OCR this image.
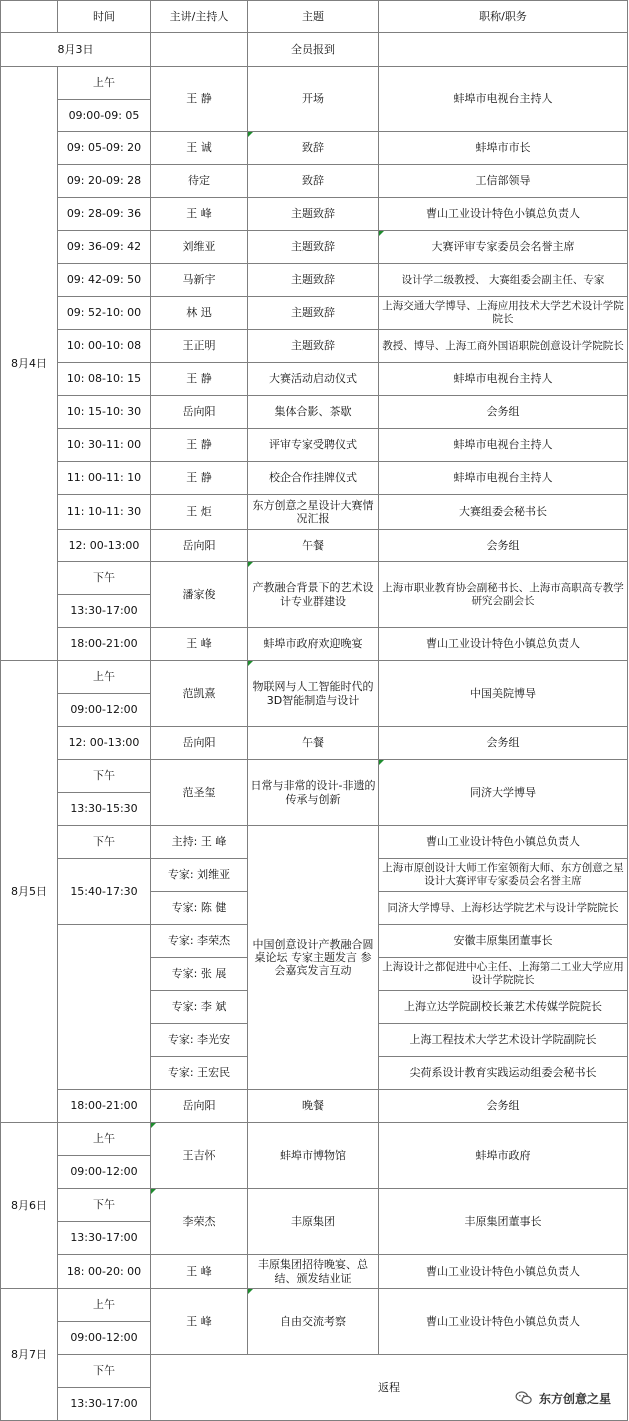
	时间	主讲/主持人	主题	职称/职务
8月3日			全员报到	
8月4日	上午	王 静	开场	蚌埠市电视台主持人
	09:00-09: 05			
	09: 05-09: 20	王 诚	致辞	蚌埠市市长
	09: 20-09: 28	待定	致辞	工信部领导
	09: 28-09: 36	王 峰	主题致辞	曹山工业设计特色小镇总负责人
	09: 36-09: 42	刘维亚	主题致辞	大赛评审专家委员会名誉主席
	09: 42-09: 50	马新宇	主题致辞	设计学二级教授、 大赛组委会副主任、专家
	09: 52-10: 00	林 迅	主题致辞	上海交通大学博导、上海应用技术大学艺术设计学院院长
	10: 00-10: 08	王正明	主题致辞	教授、博导、上海工商外国语职院创意设计学院院长
	10: 08-10: 15	王 静	大赛活动启动仪式	蚌埠市电视台主持人
	10: 15-10: 30	岳向阳	集体合影、茶歇	会务组
	10: 30-11: 00	王 静	评审专家受聘仪式	蚌埠市电视台主持人
	11: 00-11: 10	王 静	校企合作挂牌仪式	蚌埠市电视台主持人
	11: 10-11: 30	王 炬	东方创意之星设计大赛情况汇报	大赛组委会秘书长
	12: 00-13:00	岳向阳	午餐	会务组
	下午	潘家俊	产教融合背景下的艺术设计专业群建设	上海市职业教育协会副秘书长、上海市高职高专教学研究会副会长
	13:30-17:00			
	18:00-21:00	王 峰	蚌埠市政府欢迎晚宴	曹山工业设计特色小镇总负责人
8月5日	上午	范凯熹	物联网与人工智能时代的3D智能制造与设计	中国美院博导
	09:00-12:00			
	12: 00-13:00	岳向阳	午餐	会务组
	下午	范圣玺	日常与非常的设计-非遗的传承与创新	同济大学博导
	13:30-15:30			
	下午	主持: 王 峰	中国创意设计产教融合圆桌论坛 专家主题发言 参会嘉宾发言互动	曹山工业设计特色小镇总负责人
	15:40-17:30	专家: 刘维亚		上海市原创设计大师工作室领衔大师、东方创意之星设计大赛评审专家委员会名誉主席
		专家: 陈 健		同济大学博导、上海杉达学院艺术与设计学院院长
		专家: 李荣杰		安徽丰原集团董事长
		专家: 张 展		上海设计之都促进中心主任、上海第二工业大学应用设计学院院长
		专家: 李 斌		上海立达学院副校长兼艺术传媒学院院长
		专家: 李光安		上海工程技术大学艺术设计学院副院长
		专家: 王宏民		尖荷系设计教育实践运动组委会秘书长
	18:00-21:00	岳向阳	晚餐	会务组
8月6日	上午	王吉怀	蚌埠市博物馆	蚌埠市政府
	09:00-12:00			
	下午	李荣杰	丰原集团	丰原集团董事长
	13:30-17:00			
	18: 00-20: 00	王 峰	丰原集团招待晚宴、总结、颁发结业证	曹山工业设计特色小镇总负责人
8月7日	上午	王 峰	自由交流考察	曹山工业设计特色小镇总负责人
	09:00-12:00			
	下午	返程		
	13:30-17:00				东方创意之星
